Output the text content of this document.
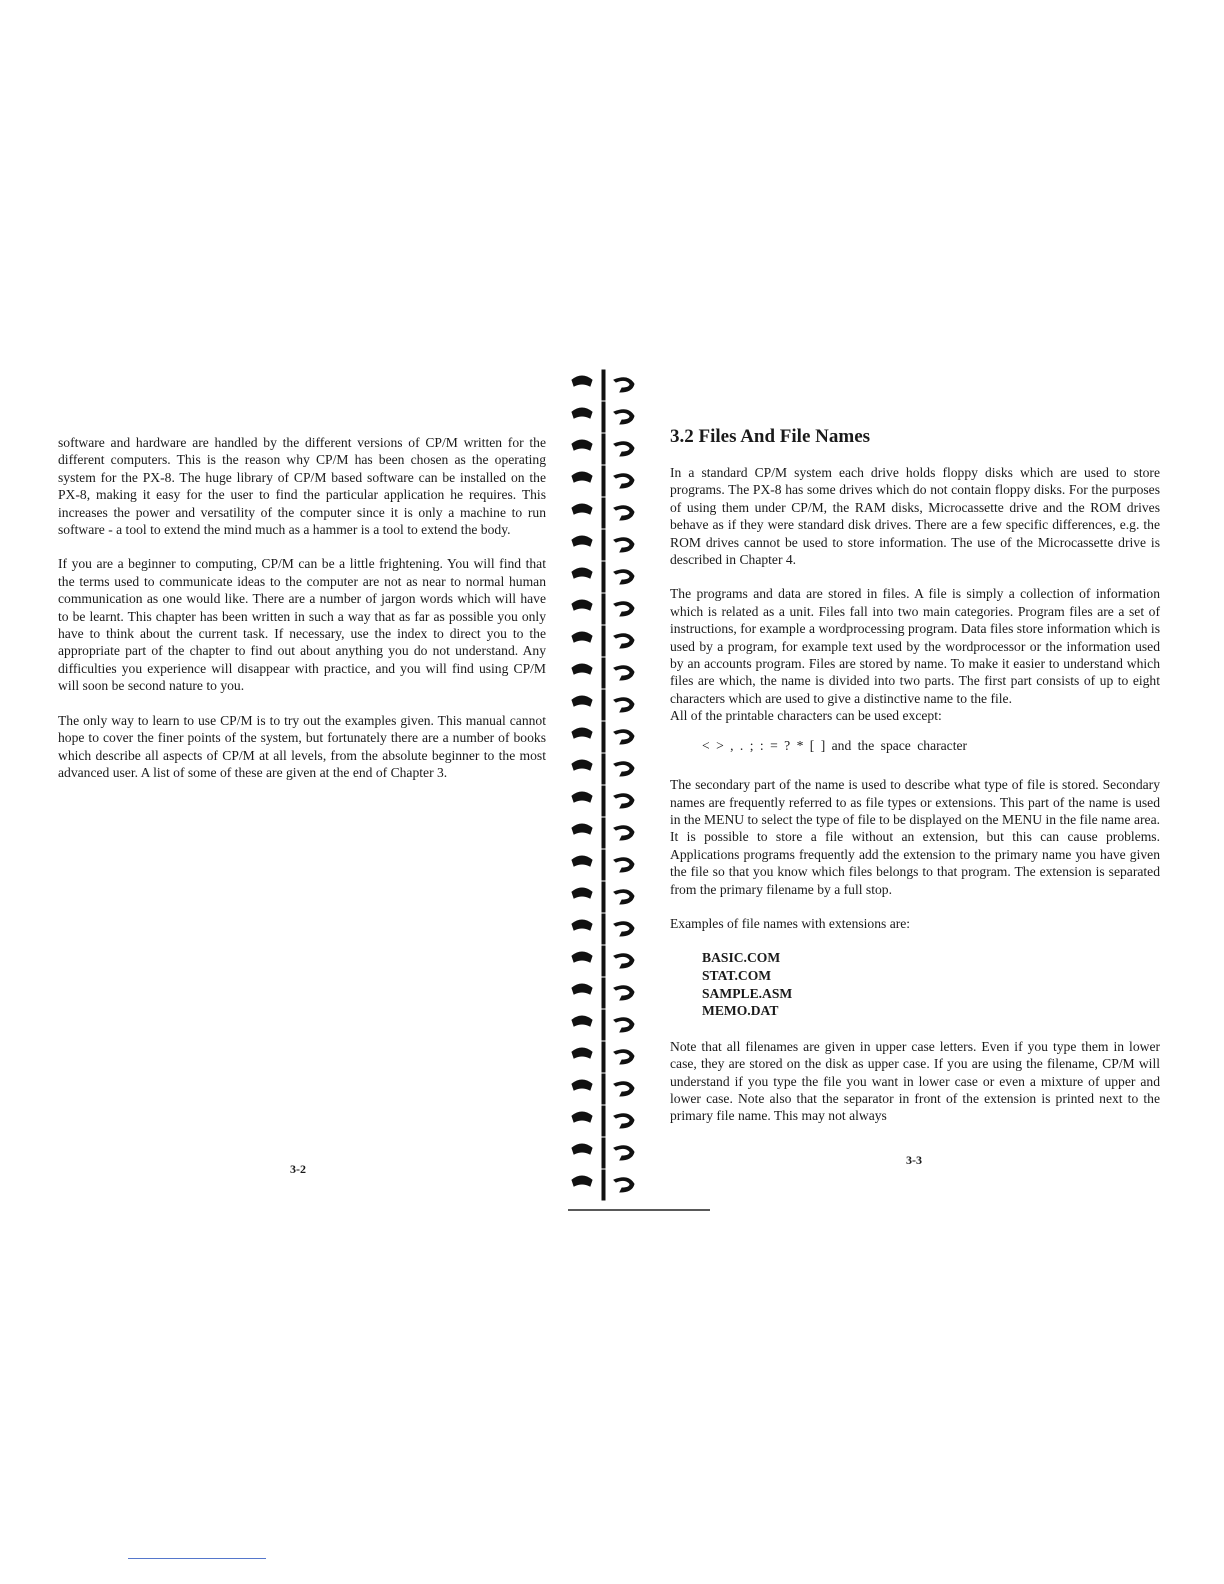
software and hardware are handled by the different versions of CP/M written for the different computers. This is the reason why CP/M has been chosen as the operating system for the PX-8. The huge library of CP/M based software can be installed on the PX-8, making it easy for the user to find the particular application he requires. This increases the power and versatility of the computer since it is only a machine to run software - a tool to extend the mind much as a hammer is a tool to extend the body.

If you are a beginner to computing, CP/M can be a little frightening. You will find that the terms used to communicate ideas to the computer are not as near to normal human communication as one would like. There are a number of jargon words which will have to be learnt. This chapter has been written in such a way that as far as possible you only have to think about the current task. If necessary, use the index to direct you to the appropriate part of the chapter to find out about anything you do not understand. Any difficulties you experience will disappear with practice, and you will find using CP/M will soon be second nature to you.

The only way to learn to use CP/M is to try out the examples given. This manual cannot hope to cover the finer points of the system, but fortunately there are a number of books which describe all aspects of CP/M at all levels, from the absolute beginner to the most advanced user. A list of some of these are given at the end of Chapter 3.

3-2
3.2 Files And File Names

In a standard CP/M system each drive holds floppy disks which are used to store programs. The PX-8 has some drives which do not contain floppy disks. For the purposes of using them under CP/M, the RAM disks, Microcassette drive and the ROM drives behave as if they were standard disk drives. There are a few specific differences, e.g. the ROM drives cannot be used to store information. The use of the Microcassette drive is described in Chapter 4.

The programs and data are stored in files. A file is simply a collection of information which is related as a unit. Files fall into two main categories. Program files are a set of instructions, for example a wordprocessing program. Data files store information which is used by a program, for example text used by the wordprocessor or the information used by an accounts program. Files are stored by name. To make it easier to understand which files are which, the name is divided into two parts. The first part consists of up to eight characters which are used to give a distinctive name to the file.

All of the printable characters can be used except:

< > , . ; : = ? * [ ] and the space character

The secondary part of the name is used to describe what type of file is stored. Secondary names are frequently referred to as file types or extensions. This part of the name is used in the MENU to select the type of file to be displayed on the MENU in the file name area. It is possible to store a file without an extension, but this can cause problems. Applications programs frequently add the extension to the primary name you have given the file so that you know which files belongs to that program. The extension is separated from the primary filename by a full stop.

Examples of file names with extensions are:

BASIC.COM
STAT.COM
SAMPLE.ASM
MEMO.DAT

Note that all filenames are given in upper case letters. Even if you type them in lower case, they are stored on the disk as upper case. If you are using the filename, CP/M will understand if you type the file you want in lower case or even a mixture of upper and lower case. Note also that the separator in front of the extension is printed next to the primary file name. This may not always

3-3
